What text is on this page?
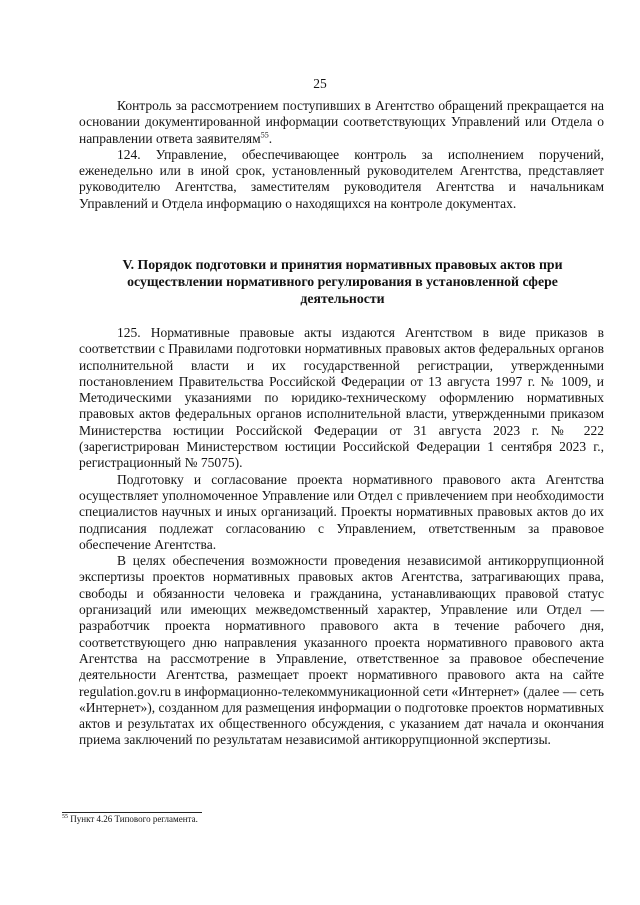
25

Контроль за рассмотрением поступивших в Агентство обращений прекращается на основании документированной информации соответствующих Управлений или Отдела о направлении ответа заявителям$^{55}$.

124. Управление, обеспечивающее контроль за исполнением поручений, еженедельно или в иной срок, установленный руководителем Агентства, представляет руководителю Агентства, заместителям руководителя Агентства и начальникам Управлений и Отдела информацию о находящихся на контроле документах.

V. Порядок подготовки и принятия нормативных правовых актов при осуществлении нормативного регулирования в установленной сфере деятельности

125. Нормативные правовые акты издаются Агентством в виде приказов в соответствии с Правилами подготовки нормативных правовых актов федеральных органов исполнительной власти и их государственной регистрации, утвержденными постановлением Правительства Российской Федерации от 13 августа 1997 г. № 1009, и Методическими указаниями по юридико-техническому оформлению нормативных правовых актов федеральных органов исполнительной власти, утвержденными приказом Министерства юстиции Российской Федерации от 31 августа 2023 г. № 222 (зарегистрирован Министерством юстиции Российской Федерации 1 сентября 2023 г., регистрационный № 75075).

Подготовку и согласование проекта нормативного правового акта Агентства осуществляет уполномоченное Управление или Отдел с привлечением при необходимости специалистов научных и иных организаций. Проекты нормативных правовых актов до их подписания подлежат согласованию с Управлением, ответственным за правовое обеспечение Агентства.

В целях обеспечения возможности проведения независимой антикоррупционной экспертизы проектов нормативных правовых актов Агентства, затрагивающих права, свободы и обязанности человека и гражданина, устанавливающих правовой статус организаций или имеющих межведомственный характер, Управление или Отдел — разработчик проекта нормативного правового акта в течение рабочего дня, соответствующего дню направления указанного проекта нормативного правового акта Агентства на рассмотрение в Управление, ответственное за правовое обеспечение деятельности Агентства, размещает проект нормативного правового акта на сайте regulation.gov.ru в информационно-телекоммуникационной сети «Интернет» (далее — сеть «Интернет»), созданном для размещения информации о подготовке проектов нормативных актов и результатах их общественного обсуждения, с указанием дат начала и окончания приема заключений по результатам независимой антикоррупционной экспертизы.

$^{55}$ Пункт 4.26 Типового регламента.
